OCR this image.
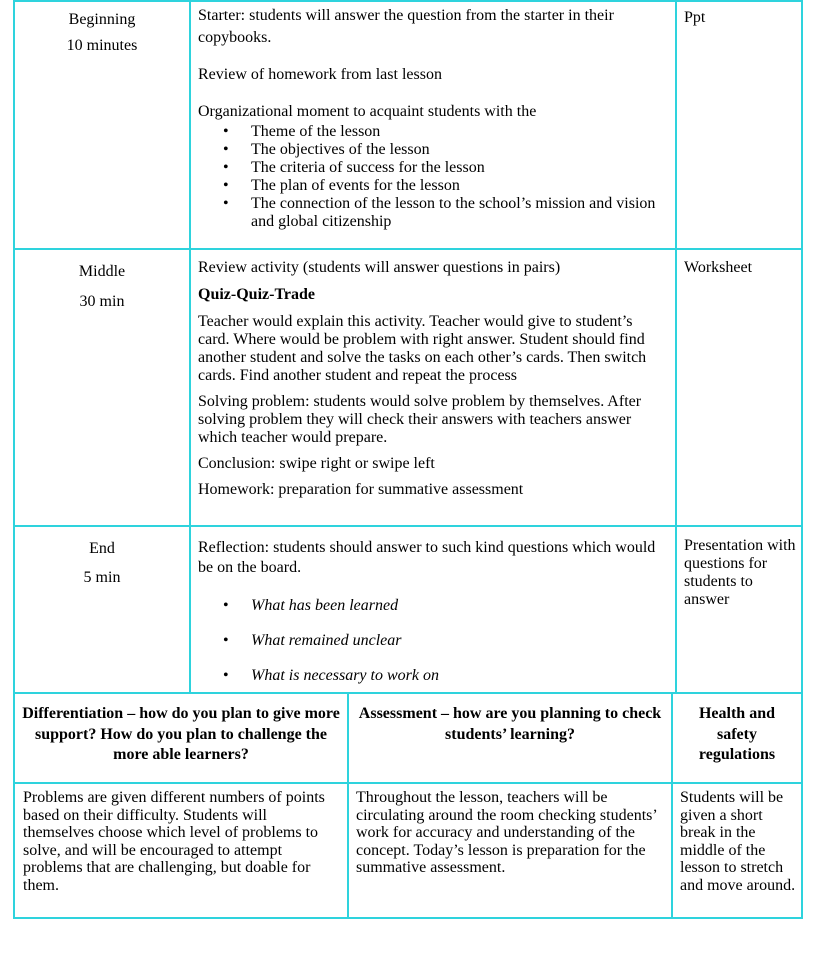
Beginning
10 minutes

Starter: students will answer the question from the starter in their copybooks.

Review of homework from last lesson

Organizational moment to acquaint students with the

• Theme of the lesson
• The objectives of the lesson
• The criteria of success for the lesson
• The plan of events for the lesson
• The connection of the lesson to the school’s mission and vision and global citizenship
Ppt
Middle
30 min

Review activity (students will answer questions in pairs)

Quiz-Quiz-Trade

Teacher would explain this activity. Teacher would give to student’s card. Where would be problem with right answer. Student should find another student and solve the tasks on each other’s cards. Then switch cards. Find another student and repeat the process

Solving problem: students would solve problem by themselves. After solving problem they will check their answers with teachers answer which teacher would prepare.

Conclusion: swipe right or swipe left

Homework: preparation for summative assessment

Worksheet
End
5 min

Reflection: students should answer to such kind questions which would be on the board.

• What has been learned
• What remained unclear
• What is necessary to work on
Presentation with questions for students to answer
Differentiation – how do you plan to give more support? How do you plan to challenge the more able learners?
Assessment – how are you planning to check students’ learning?
Health and safety regulations
Problems are given different numbers of points based on their difficulty. Students will themselves choose which level of problems to solve, and will be encouraged to attempt problems that are challenging, but doable for them.
Throughout the lesson, teachers will be circulating around the room checking students’ work for accuracy and understanding of the concept. Today’s lesson is preparation for the summative assessment.
Students will be given a short break in the middle of the lesson to stretch and move around.
